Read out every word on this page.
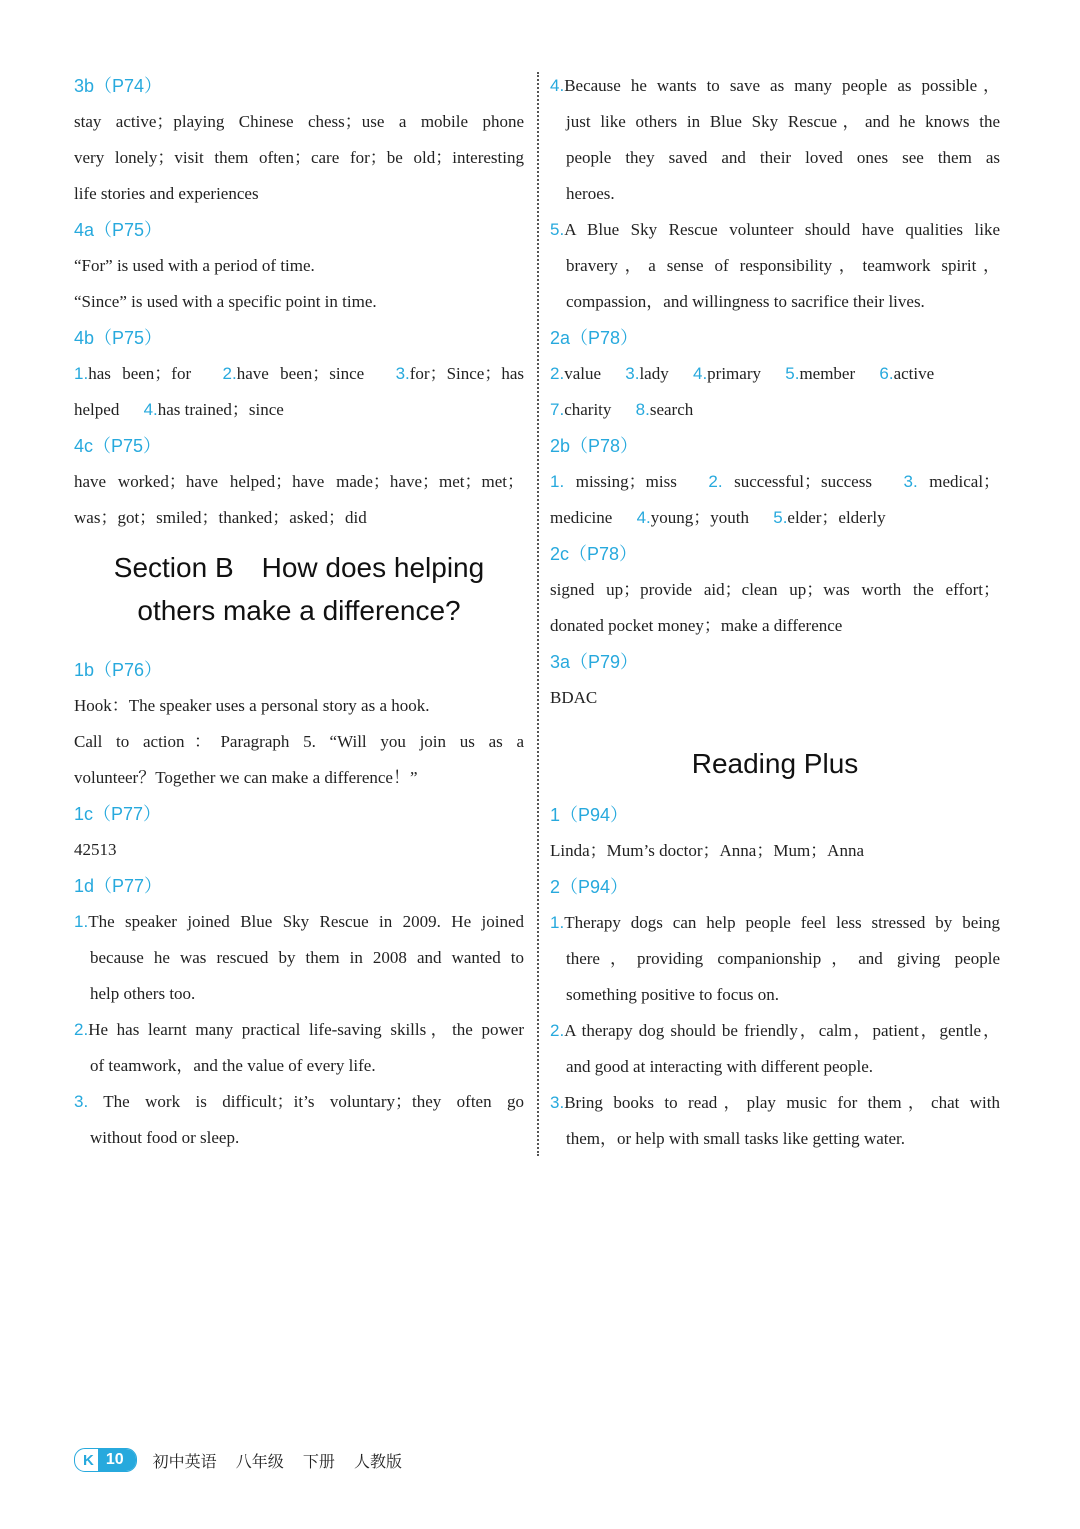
3b（P74）
stay active；playing Chinese chess；use a mobile phone
very lonely；visit them often；care for；be old；interesting
life stories and experiences
4a（P75）
“For” is used with a period of time.
“Since” is used with a specific point in time.
4b（P75）
1.has been；for 2.have been；since 3.for；Since；has
helped 4.has trained；since
4c（P75）
have worked；have helped；have made；have；met；met；
was；got；smiled；thanked；asked；did
Section B　How does helping
others make a difference?
1b（P76）
Hook：The speaker uses a personal story as a hook.
Call to action：Paragraph 5. “Will you join us as a
volunteer？Together we can make a difference！”
1c（P77）
42513
1d（P77）
1.The speaker joined Blue Sky Rescue in 2009. He joined
because he was rescued by them in 2008 and wanted to
help others too.
2.He has learnt many practical life-saving skills，the power
of teamwork，and the value of every life.
3. The work is difficult；it’s voluntary；they often go
without food or sleep.
4.Because he wants to save as many people as possible，
just like others in Blue Sky Rescue，and he knows the
people they saved and their loved ones see them as
heroes.
5.A Blue Sky Rescue volunteer should have qualities like
bravery，a sense of responsibility，teamwork spirit，
compassion，and willingness to sacrifice their lives.
2a（P78）
2.value 3.lady 4.primary 5.member 6.active
7.charity 8.search
2b（P78）
1. missing；miss 2. successful；success 3. medical；
medicine 4.young；youth 5.elder；elderly
2c（P78）
signed up；provide aid；clean up；was worth the effort；
donated pocket money；make a difference
3a（P79）
BDAC
Reading Plus
1（P94）
Linda；Mum’s doctor；Anna；Mum；Anna
2（P94）
1.Therapy dogs can help people feel less stressed by being
there，providing companionship，and giving people
something positive to focus on.
2.A therapy dog should be friendly，calm，patient，gentle，
and good at interacting with different people.
3.Bring books to read，play music for them，chat with
them，or help with small tasks like getting water.
K 10	初中英语 八年级 下册 人教版
